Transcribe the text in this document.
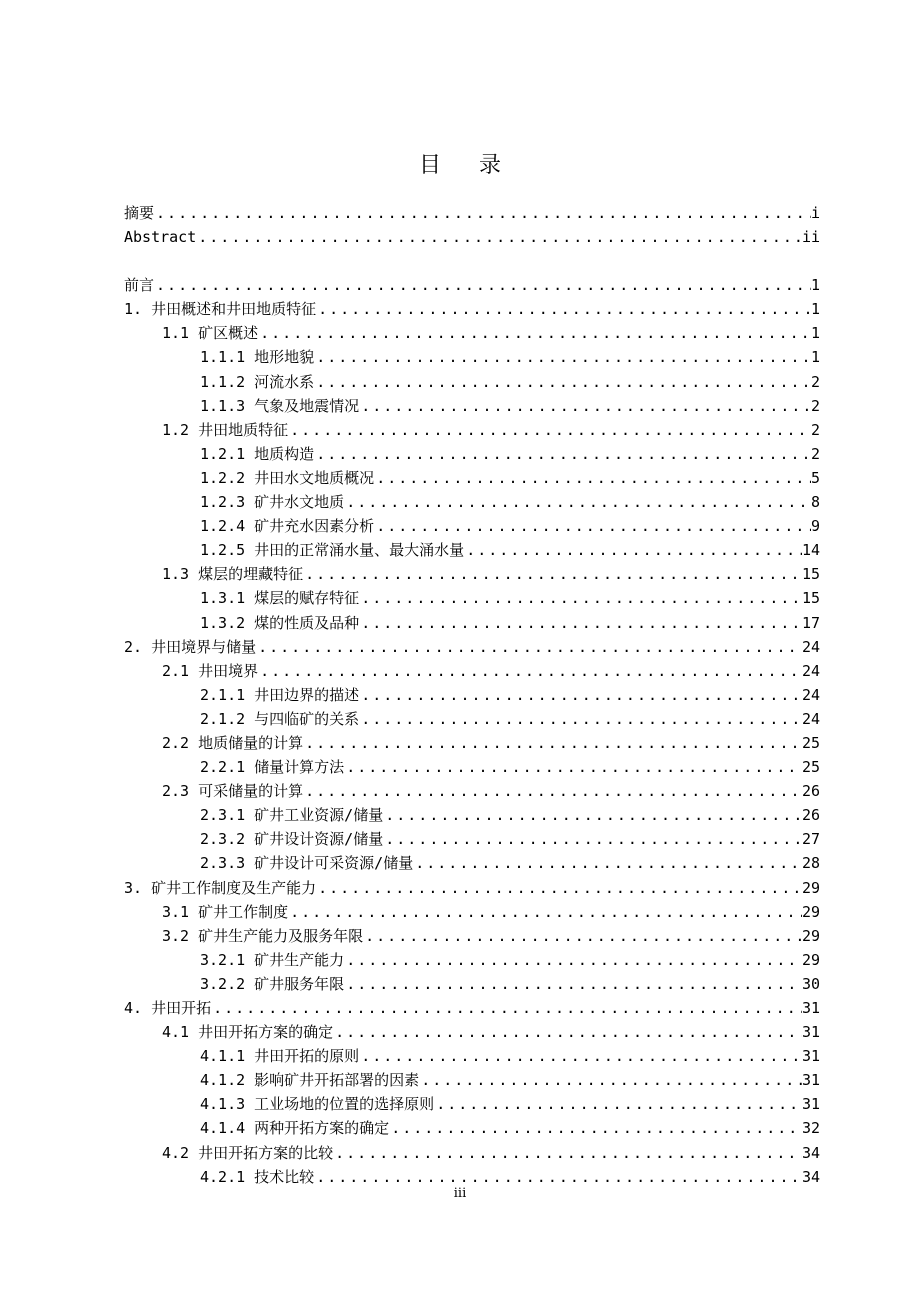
目 录
摘要 .....	i
Abstract .....	ii
前言 .....	1
1. 井田概述和井田地质特征 .....	1
1.1 矿区概述 .....	1
1.1.1 地形地貌 .....	1
1.1.2 河流水系 .....	2
1.1.3 气象及地震情况 .....	2
1.2 井田地质特征 .....	2
1.2.1 地质构造 .....	2
1.2.2 井田水文地质概况 .....	5
1.2.3 矿井水文地质 .....	8
1.2.4 矿井充水因素分析 .....	9
1.2.5 井田的正常涌水量、最大涌水量 .....	14
1.3 煤层的埋藏特征 .....	15
1.3.1 煤层的赋存特征 .....	15
1.3.2 煤的性质及品种 .....	17
2. 井田境界与储量 .....	24
2.1 井田境界 .....	24
2.1.1 井田边界的描述 .....	24
2.1.2 与四临矿的关系 .....	24
2.2 地质储量的计算 .....	25
2.2.1 储量计算方法 .....	25
2.3 可采储量的计算 .....	26
2.3.1 矿井工业资源/储量 .....	26
2.3.2 矿井设计资源/储量 .....	27
2.3.3 矿井设计可采资源/储量 .....	28
3. 矿井工作制度及生产能力 .....	29
3.1 矿井工作制度 .....	29
3.2 矿井生产能力及服务年限 .....	29
3.2.1 矿井生产能力 .....	29
3.2.2 矿井服务年限 .....	30
4. 井田开拓 .....	31
4.1 井田开拓方案的确定 .....	31
4.1.1 井田开拓的原则 .....	31
4.1.2 影响矿井开拓部署的因素 .....	31
4.1.3 工业场地的位置的选择原则 .....	31
4.1.4 两种开拓方案的确定 .....	32
4.2 井田开拓方案的比较 .....	34
4.2.1 技术比较 .....	34
iii
